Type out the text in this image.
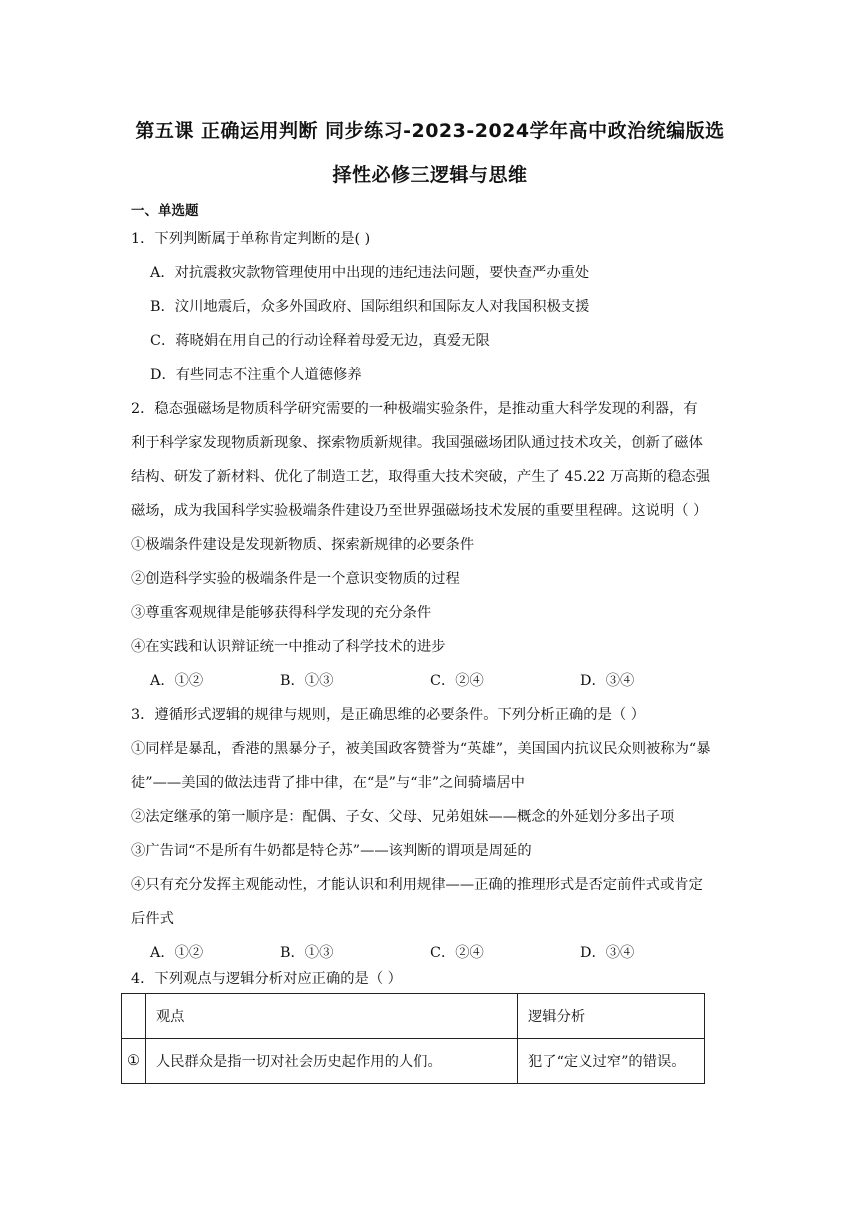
第五课 正确运用判断 同步练习-2023-2024学年高中政治统编版选
择性必修三逻辑与思维
一、单选题
1．下列判断属于单称肯定判断的是( )
A．对抗震救灾款物管理使用中出现的违纪违法问题，要快查严办重处
B．汶川地震后，众多外国政府、国际组织和国际友人对我国积极支援
C．蒋晓娟在用自己的行动诠释着母爱无边，真爱无限
D．有些同志不注重个人道德修养
2．稳态强磁场是物质科学研究需要的一种极端实验条件，是推动重大科学发现的利器，有
利于科学家发现物质新现象、探索物质新规律。我国强磁场团队通过技术攻关，创新了磁体
结构、研发了新材料、优化了制造工艺，取得重大技术突破，产生了 45.22 万高斯的稳态强
磁场，成为我国科学实验极端条件建设乃至世界强磁场技术发展的重要里程碑。这说明（ ）
①极端条件建设是发现新物质、探索新规律的必要条件
②创造科学实验的极端条件是一个意识变物质的过程
③尊重客观规律是能够获得科学发现的充分条件
④在实践和认识辩证统一中推动了科学技术的进步
A．①②	B．①③	C．②④	D．③④
3．遵循形式逻辑的规律与规则，是正确思维的必要条件。下列分析正确的是（ ）
①同样是暴乱，香港的黑暴分子，被美国政客赞誉为“英雄”，美国国内抗议民众则被称为“暴
徒”——美国的做法违背了排中律，在“是”与“非”之间骑墙居中
②法定继承的第一顺序是：配偶、子女、父母、兄弟姐妹——概念的外延划分多出子项
③广告词“不是所有牛奶都是特仑苏”——该判断的谓项是周延的
④只有充分发挥主观能动性，才能认识和利用规律——正确的推理形式是否定前件式或肯定
后件式
A．①②	B．①③	C．②④	D．③④
4．下列观点与逻辑分析对应正确的是（ ）
	观点	逻辑分析
①	人民群众是指一切对社会历史起作用的人们。	犯了“定义过窄”的错误。
